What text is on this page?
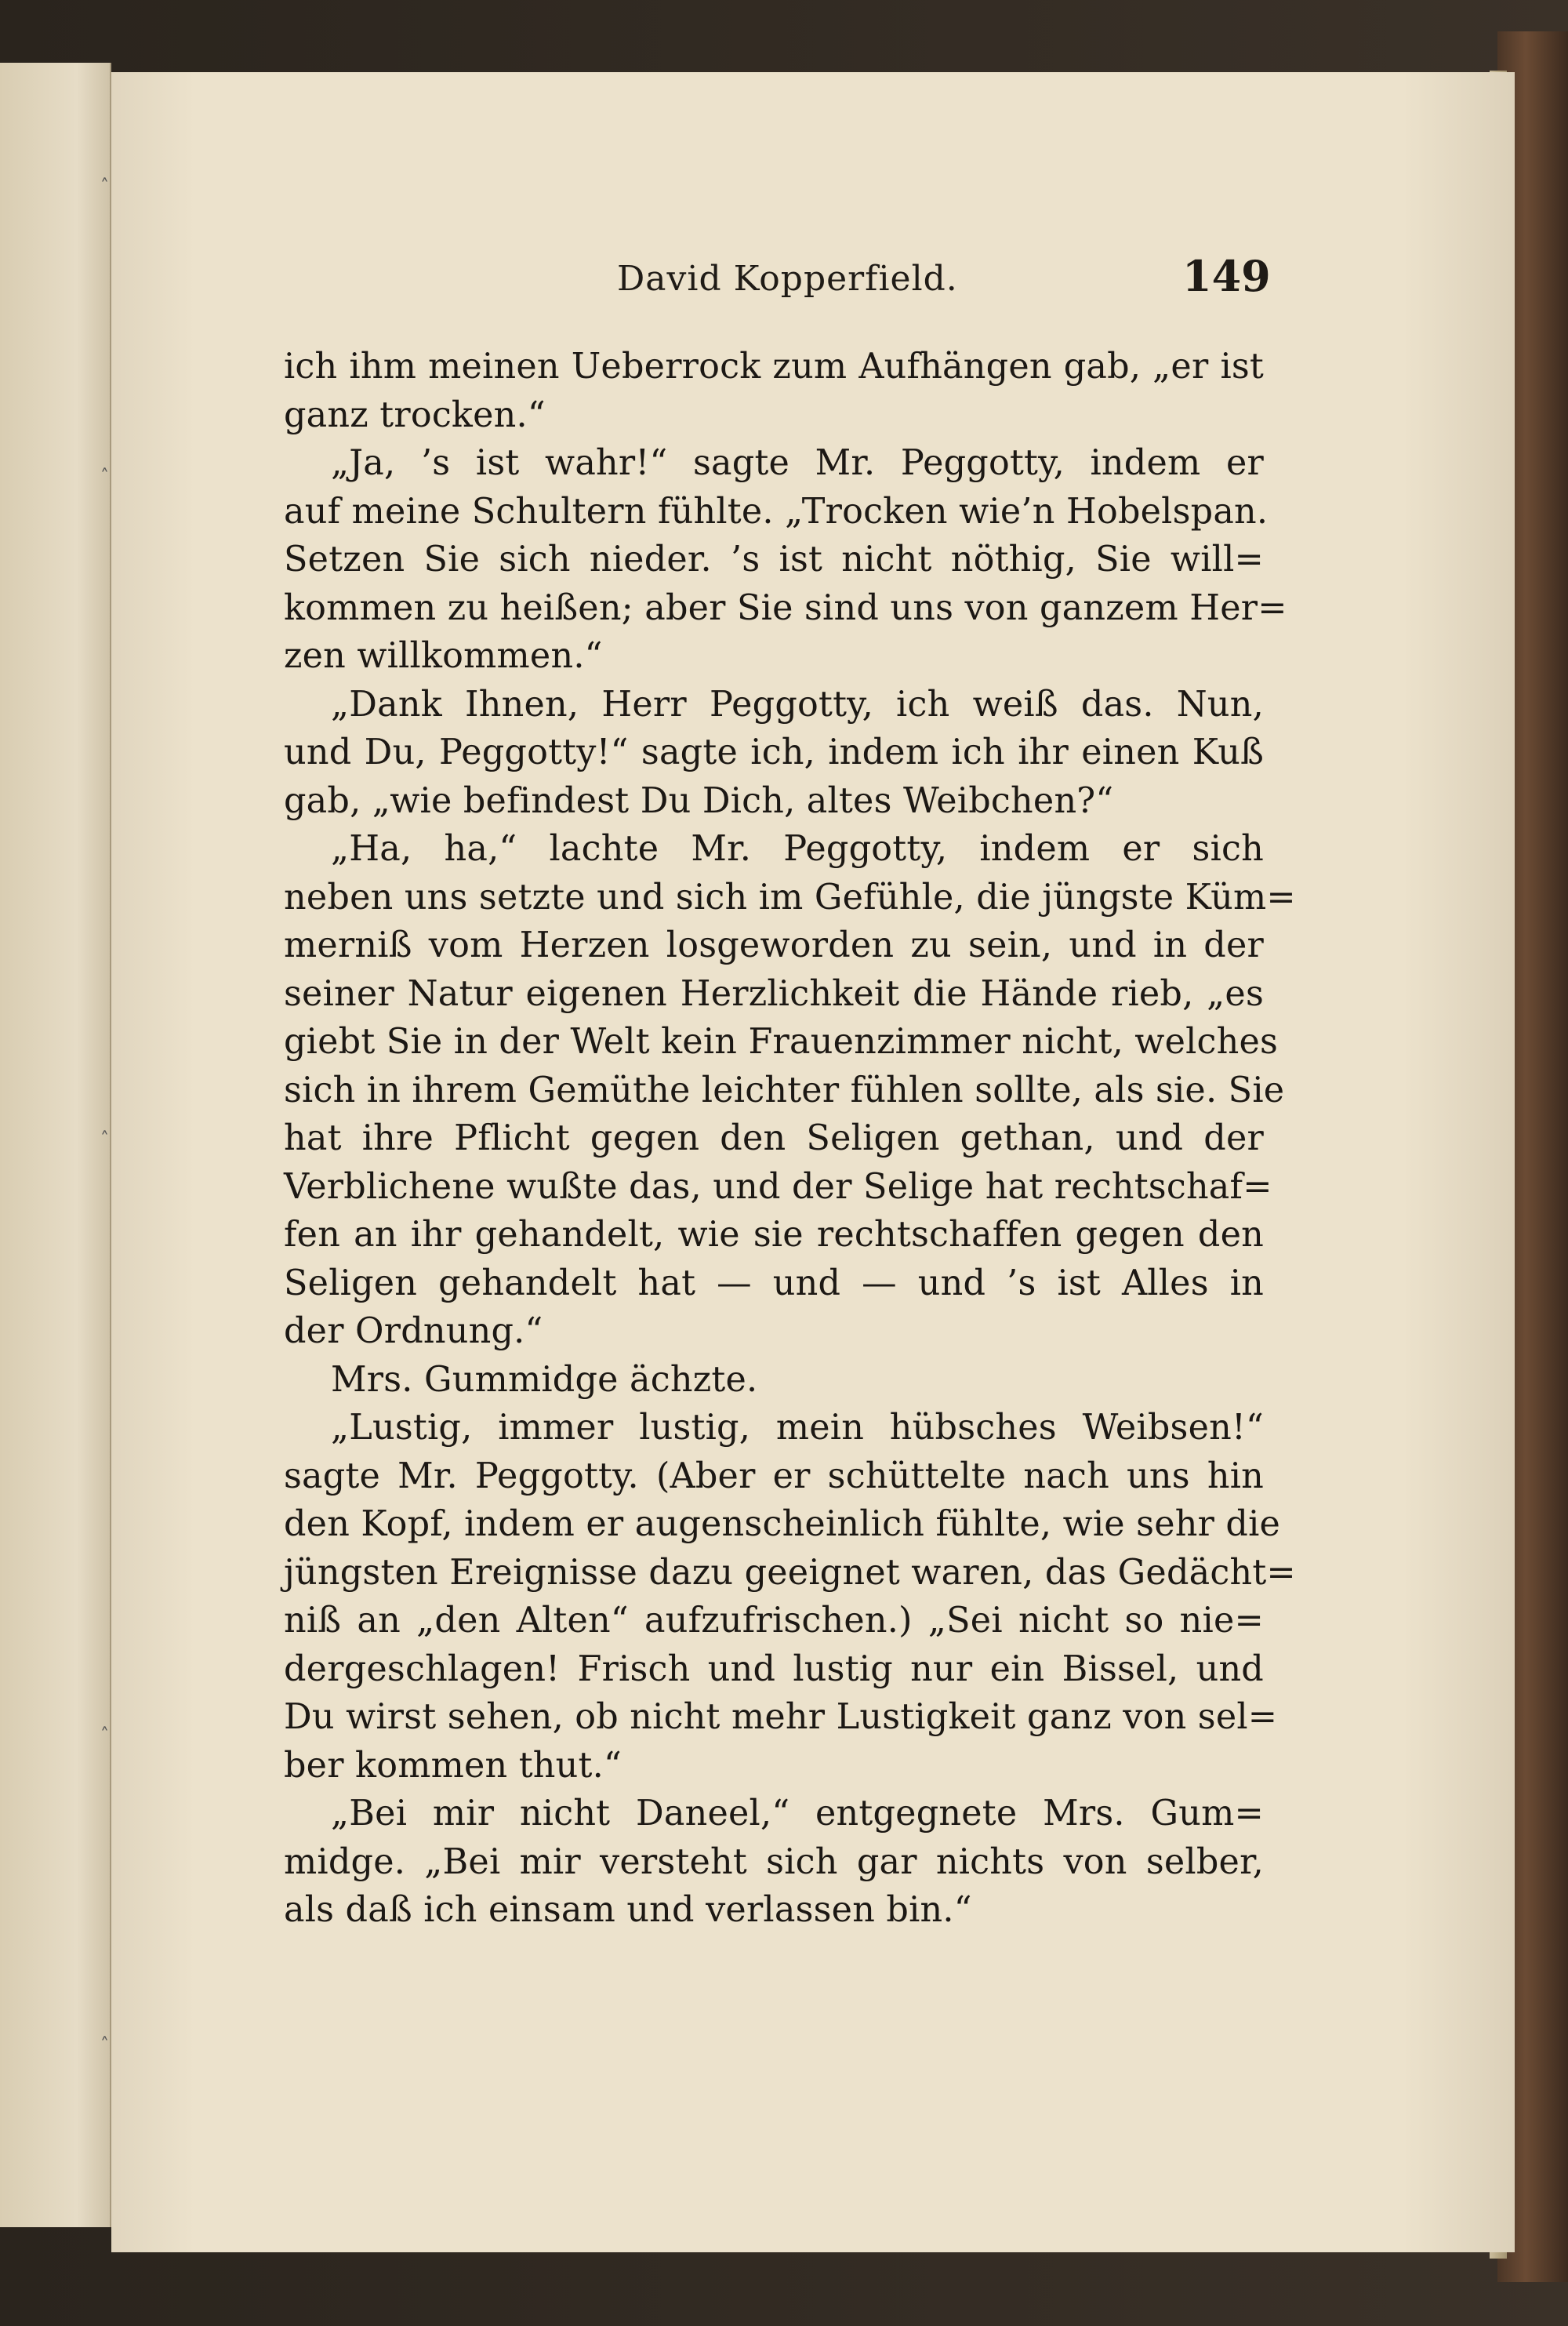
˄
˄
˄
˄
˄
David Kopperfield.	149
ich ihm meinen Ueberrock zum Aufhängen gab, „er ist
ganz trocken.“
„Ja, ’s ist wahr!“ sagte Mr. Peggotty, indem er
auf meine Schultern fühlte. „Trocken wie’n Hobelspan.
Setzen Sie sich nieder. ’s ist nicht nöthig, Sie will=
kommen zu heißen; aber Sie sind uns von ganzem Her=
zen willkommen.“
„Dank Ihnen, Herr Peggotty, ich weiß das. Nun,
und Du, Peggotty!“ sagte ich, indem ich ihr einen Kuß
gab, „wie befindest Du Dich, altes Weibchen?“
„Ha, ha,“ lachte Mr. Peggotty, indem er sich
neben uns setzte und sich im Gefühle, die jüngste Küm=
merniß vom Herzen losgeworden zu sein, und in der
seiner Natur eigenen Herzlichkeit die Hände rieb, „es
giebt Sie in der Welt kein Frauenzimmer nicht, welches
sich in ihrem Gemüthe leichter fühlen sollte, als sie. Sie
hat ihre Pflicht gegen den Seligen gethan, und der
Verblichene wußte das, und der Selige hat rechtschaf=
fen an ihr gehandelt, wie sie rechtschaffen gegen den
Seligen gehandelt hat — und — und ’s ist Alles in
der Ordnung.“
Mrs. Gummidge ächzte.
„Lustig, immer lustig, mein hübsches Weibsen!“
sagte Mr. Peggotty. (Aber er schüttelte nach uns hin
den Kopf, indem er augenscheinlich fühlte, wie sehr die
jüngsten Ereignisse dazu geeignet waren, das Gedächt=
niß an „den Alten“ aufzufrischen.) „Sei nicht so nie=
dergeschlagen! Frisch und lustig nur ein Bissel, und
Du wirst sehen, ob nicht mehr Lustigkeit ganz von sel=
ber kommen thut.“
„Bei mir nicht Daneel,“ entgegnete Mrs. Gum=
midge. „Bei mir versteht sich gar nichts von selber,
als daß ich einsam und verlassen bin.“
